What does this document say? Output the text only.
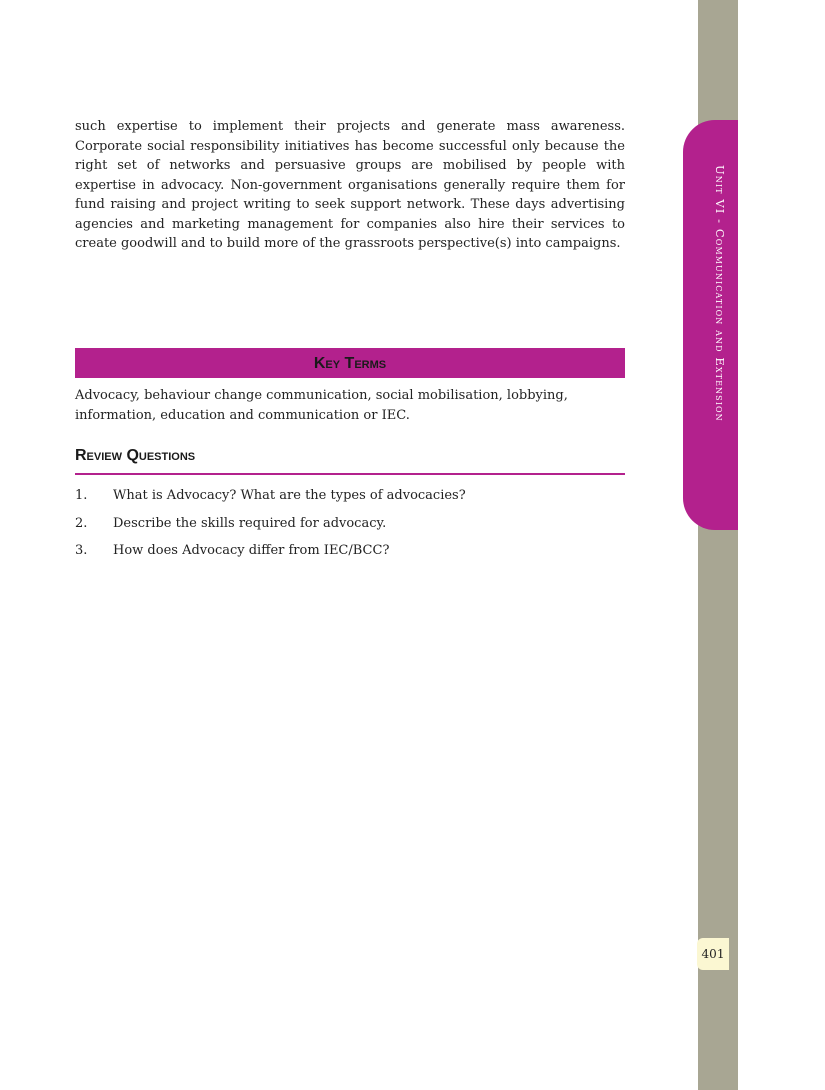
Unit VI - Communication and Extension
401

such expertise to implement their projects and generate mass awareness. Corporate social responsibility initiatives has become successful only because the right set of networks and persuasive groups are mobilised by people with expertise in advocacy. Non-government organisations generally require them for fund raising and project writing to seek support network. These days advertising agencies and marketing management for companies also hire their services to create goodwill and to build more of the grassroots perspective(s) into campaigns.

Key Terms

Advocacy, behaviour change communication, social mobilisation, lobbying, information, education and communication or IEC.

Review Questions
1. What is Advocacy? What are the types of advocacies?
2. Describe the skills required for advocacy.
3. How does Advocacy differ from IEC/BCC?
